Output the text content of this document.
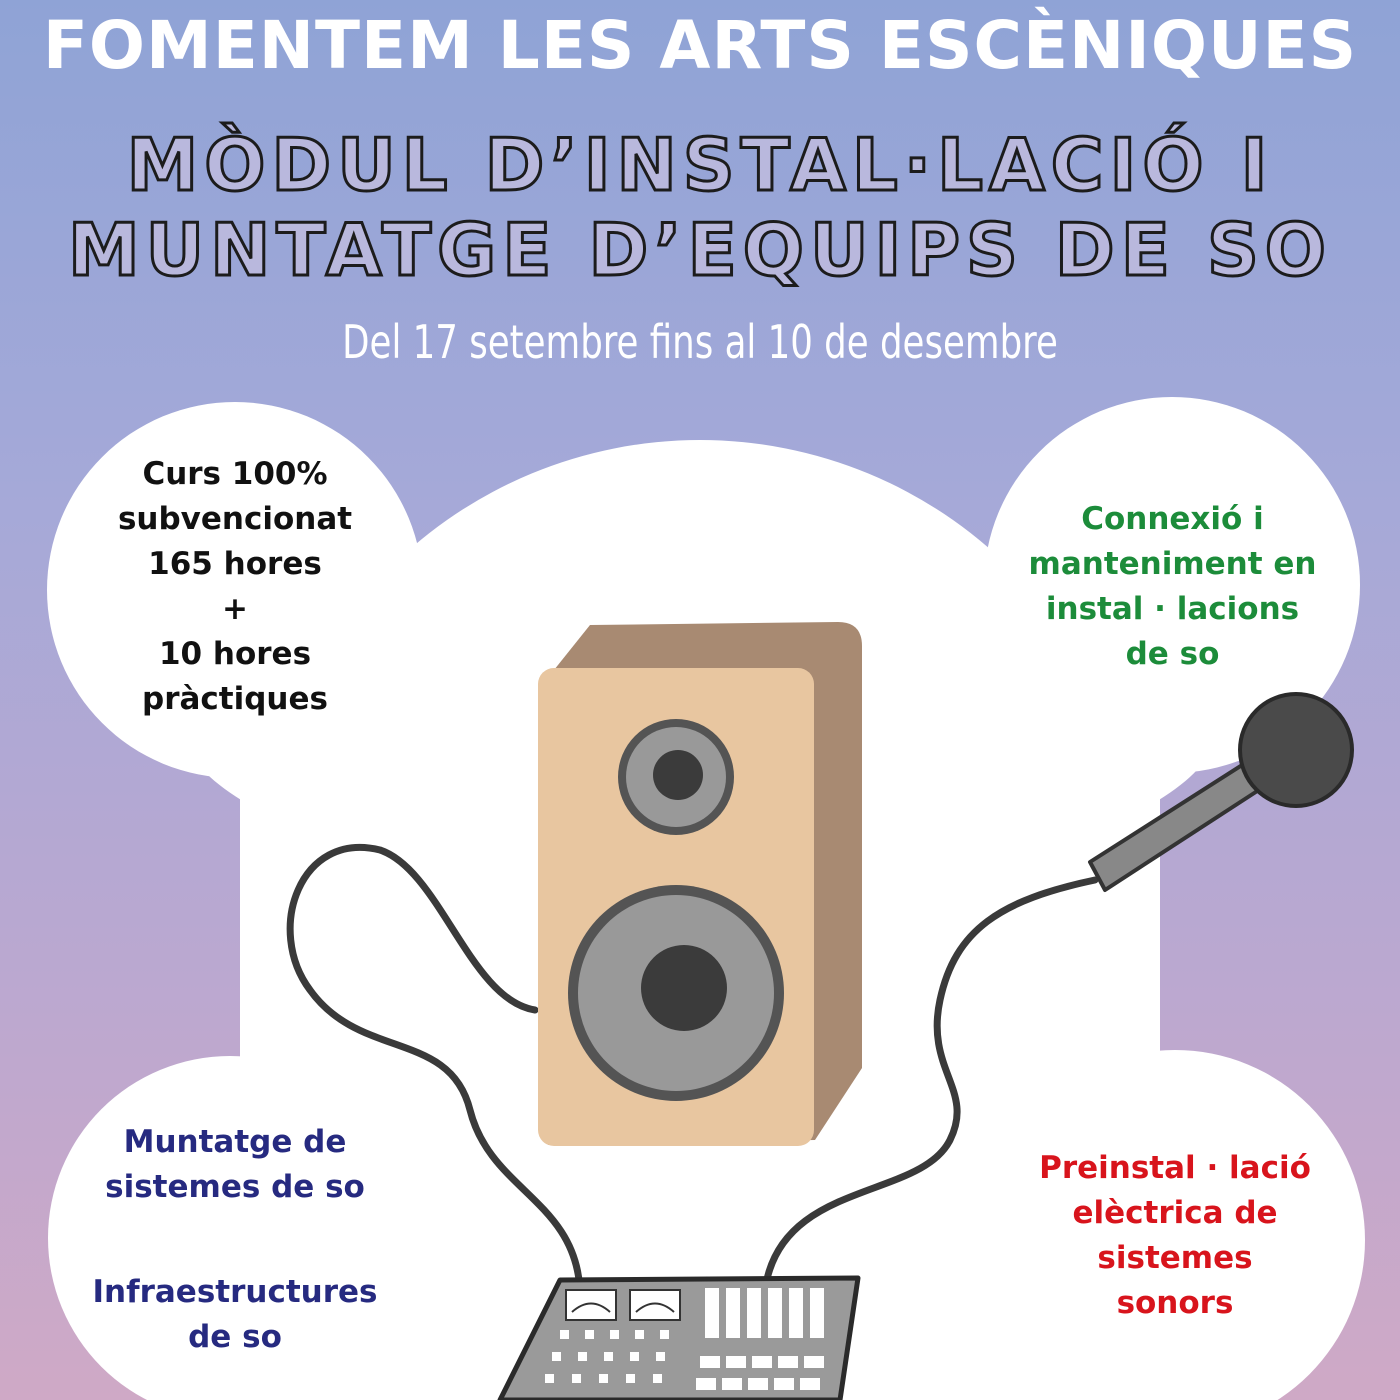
FOMENTEM LES ARTS ESCÈNIQUES
MÒDUL D’INSTAL·LACIÓ I
MUNTATGE D’EQUIPS DE SO
Del 17 setembre fins al 10 de desembre
Curs 100%
subvencionat
165 hores
+
10 hores
pràctiques
Connexió i
manteniment en
instal · lacions
de so
Muntatge de
sistemes de so
Infraestructures
de so
Preinstal · lació
elèctrica de
sistemes
sonors
